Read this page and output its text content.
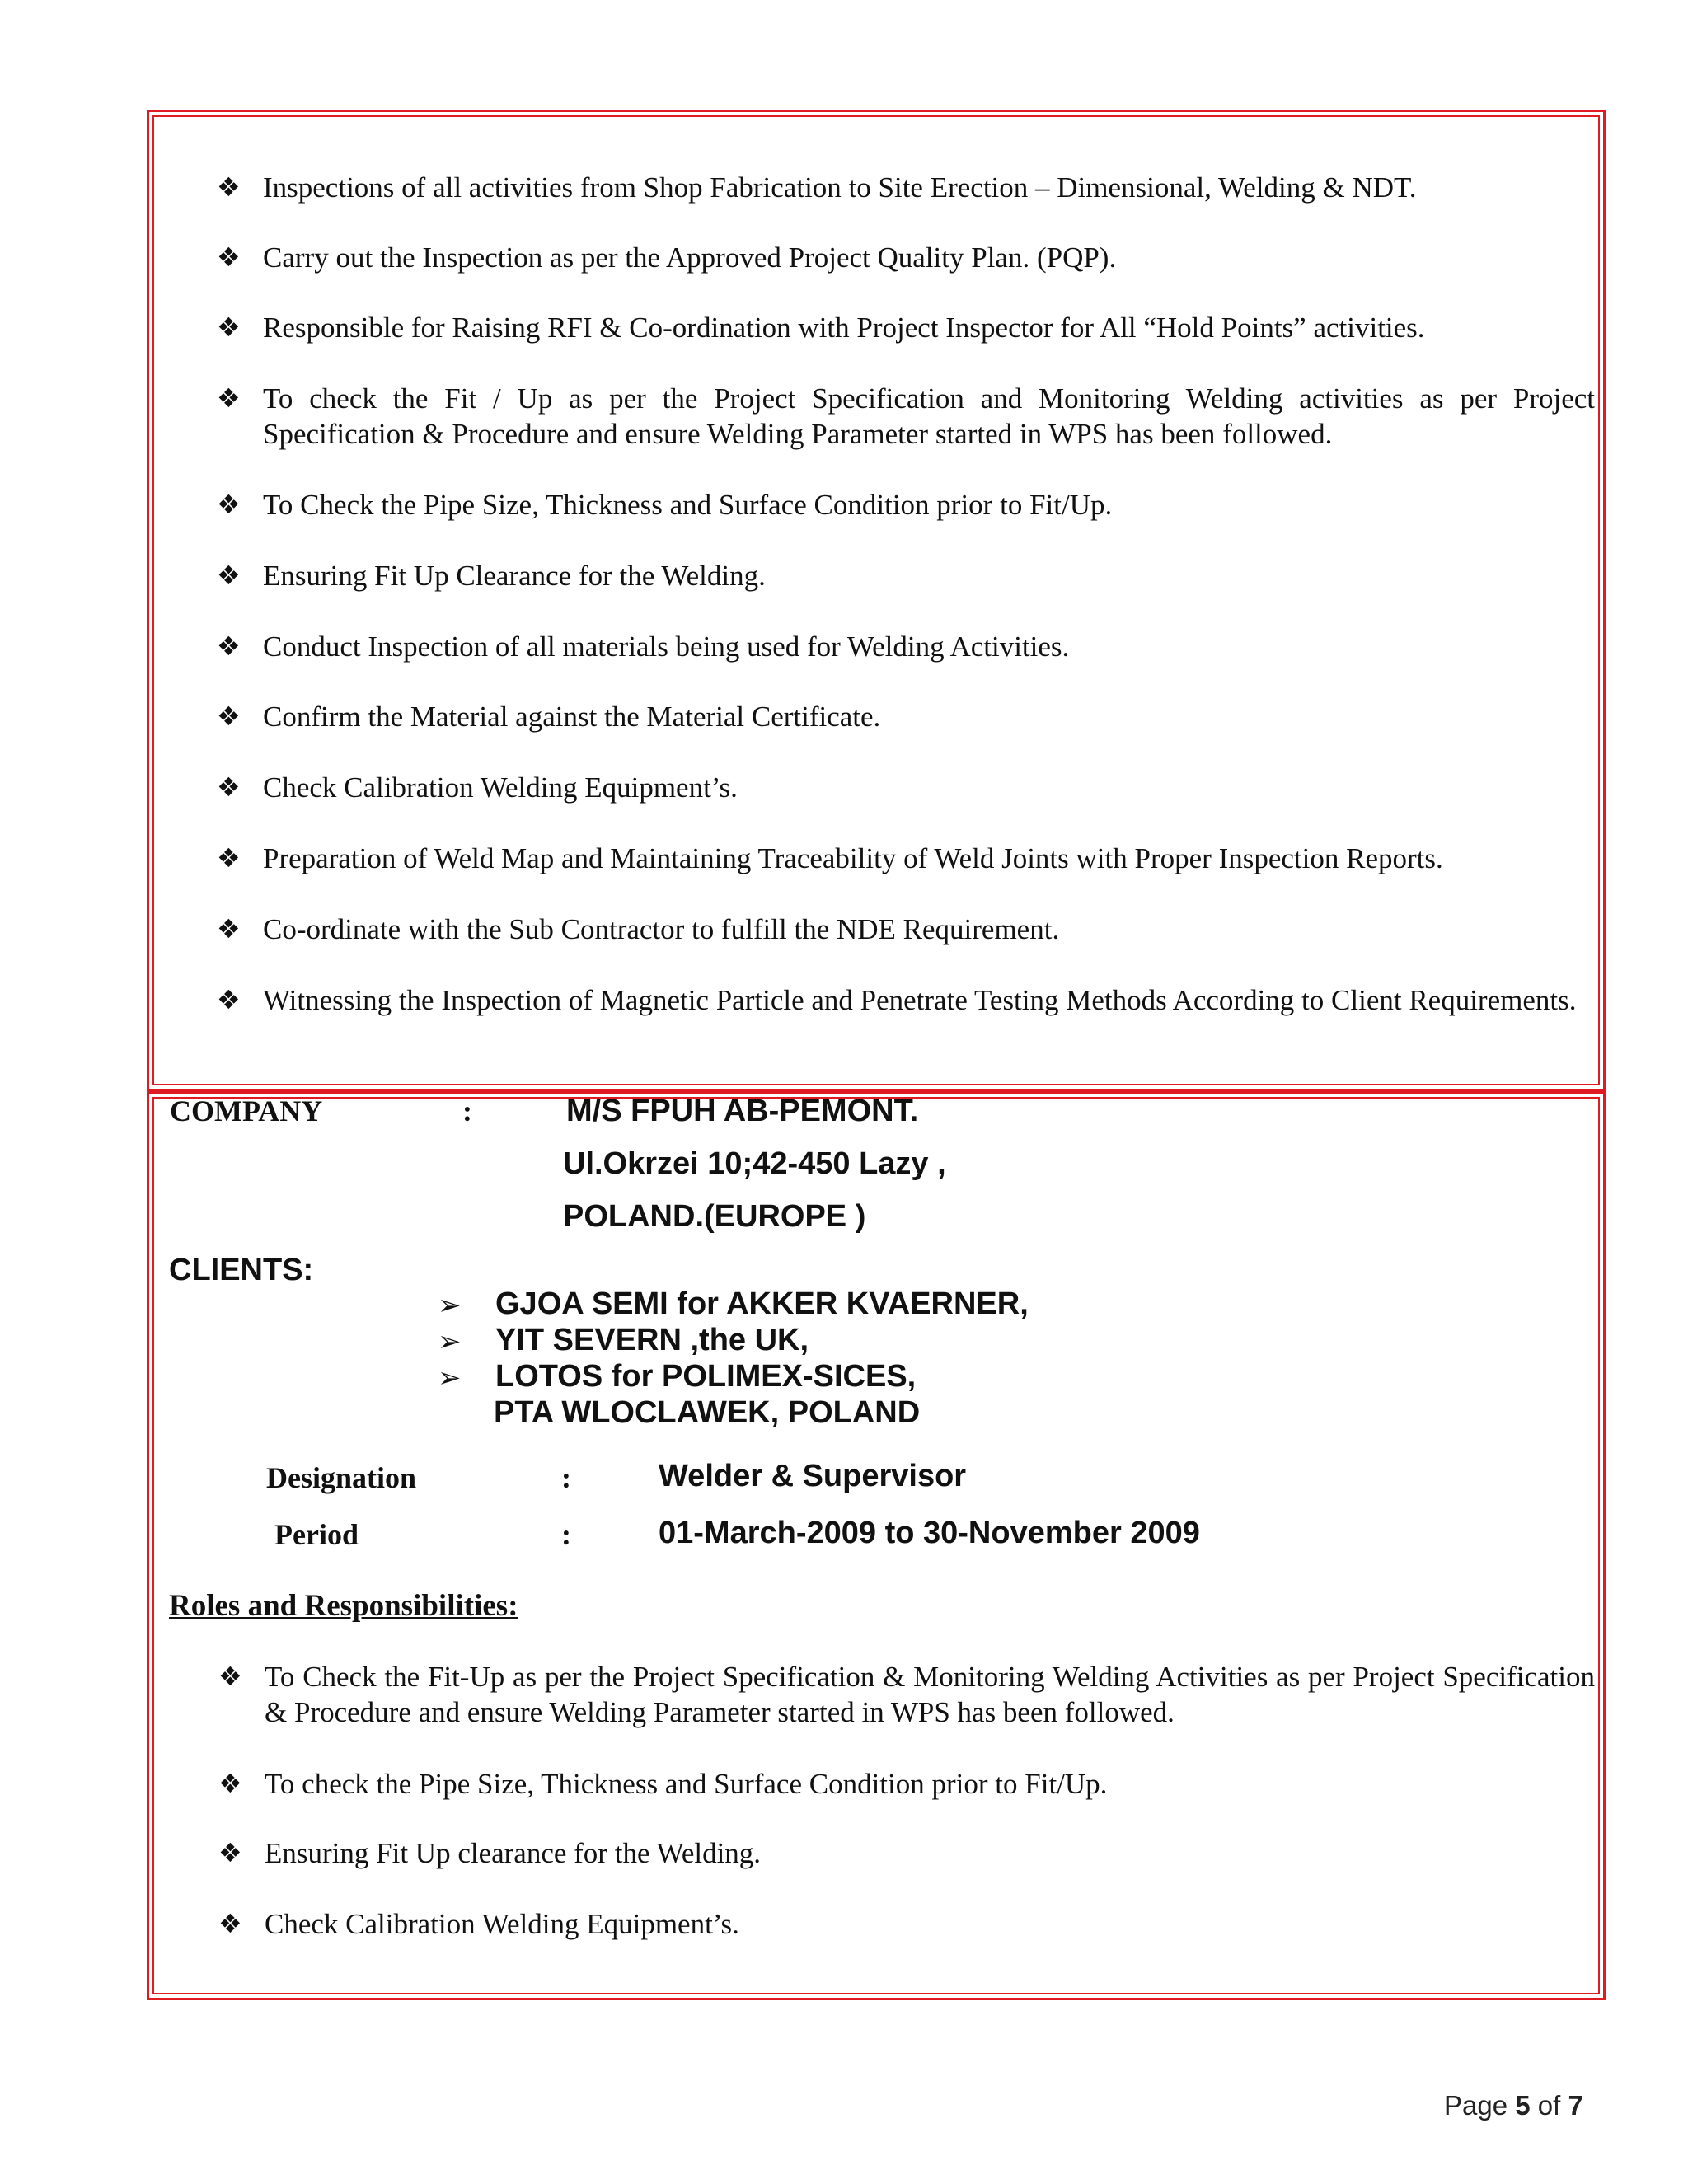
❖ Inspections of all activities from Shop Fabrication to Site Erection – Dimensional, Welding & NDT.
❖ Carry out the Inspection as per the Approved Project Quality Plan. (PQP).
❖ Responsible for Raising RFI & Co-ordination with Project Inspector for All “Hold Points” activities.
❖ To check the Fit / Up as per the Project Specification and Monitoring Welding activities as per Project Specification & Procedure and ensure Welding Parameter started in WPS has been followed.
❖ To Check the Pipe Size, Thickness and Surface Condition prior to Fit/Up.
❖ Ensuring Fit Up Clearance for the Welding.
❖ Conduct Inspection of all materials being used for Welding Activities.
❖ Confirm the Material against the Material Certificate.
❖ Check Calibration Welding Equipment’s.
❖ Preparation of Weld Map and Maintaining Traceability of Weld Joints with Proper Inspection Reports.
❖ Co-ordinate with the Sub Contractor to fulfill the NDE Requirement.
❖ Witnessing the Inspection of Magnetic Particle and Penetrate Testing Methods According to Client Requirements.
COMPANY	:	M/S FPUH AB-PEMONT.
Ul.Okrzei 10;42-450 Lazy ,
POLAND.(EUROPE )
CLIENTS:
➢ GJOA SEMI for AKKER KVAERNER,
➢ YIT SEVERN ,the UK,
➢ LOTOS for POLIMEX-SICES,
PTA WLOCLAWEK, POLAND
Designation	:	Welder & Supervisor
Period	:	01-March-2009 to 30-November 2009
Roles and Responsibilities:
❖ To Check the Fit-Up as per the Project Specification & Monitoring Welding Activities as per Project Specification & Procedure and ensure Welding Parameter started in WPS has been followed.
❖ To check the Pipe Size, Thickness and Surface Condition prior to Fit/Up.
❖ Ensuring Fit Up clearance for the Welding.
❖ Check Calibration Welding Equipment’s.
Page 5 of 7
